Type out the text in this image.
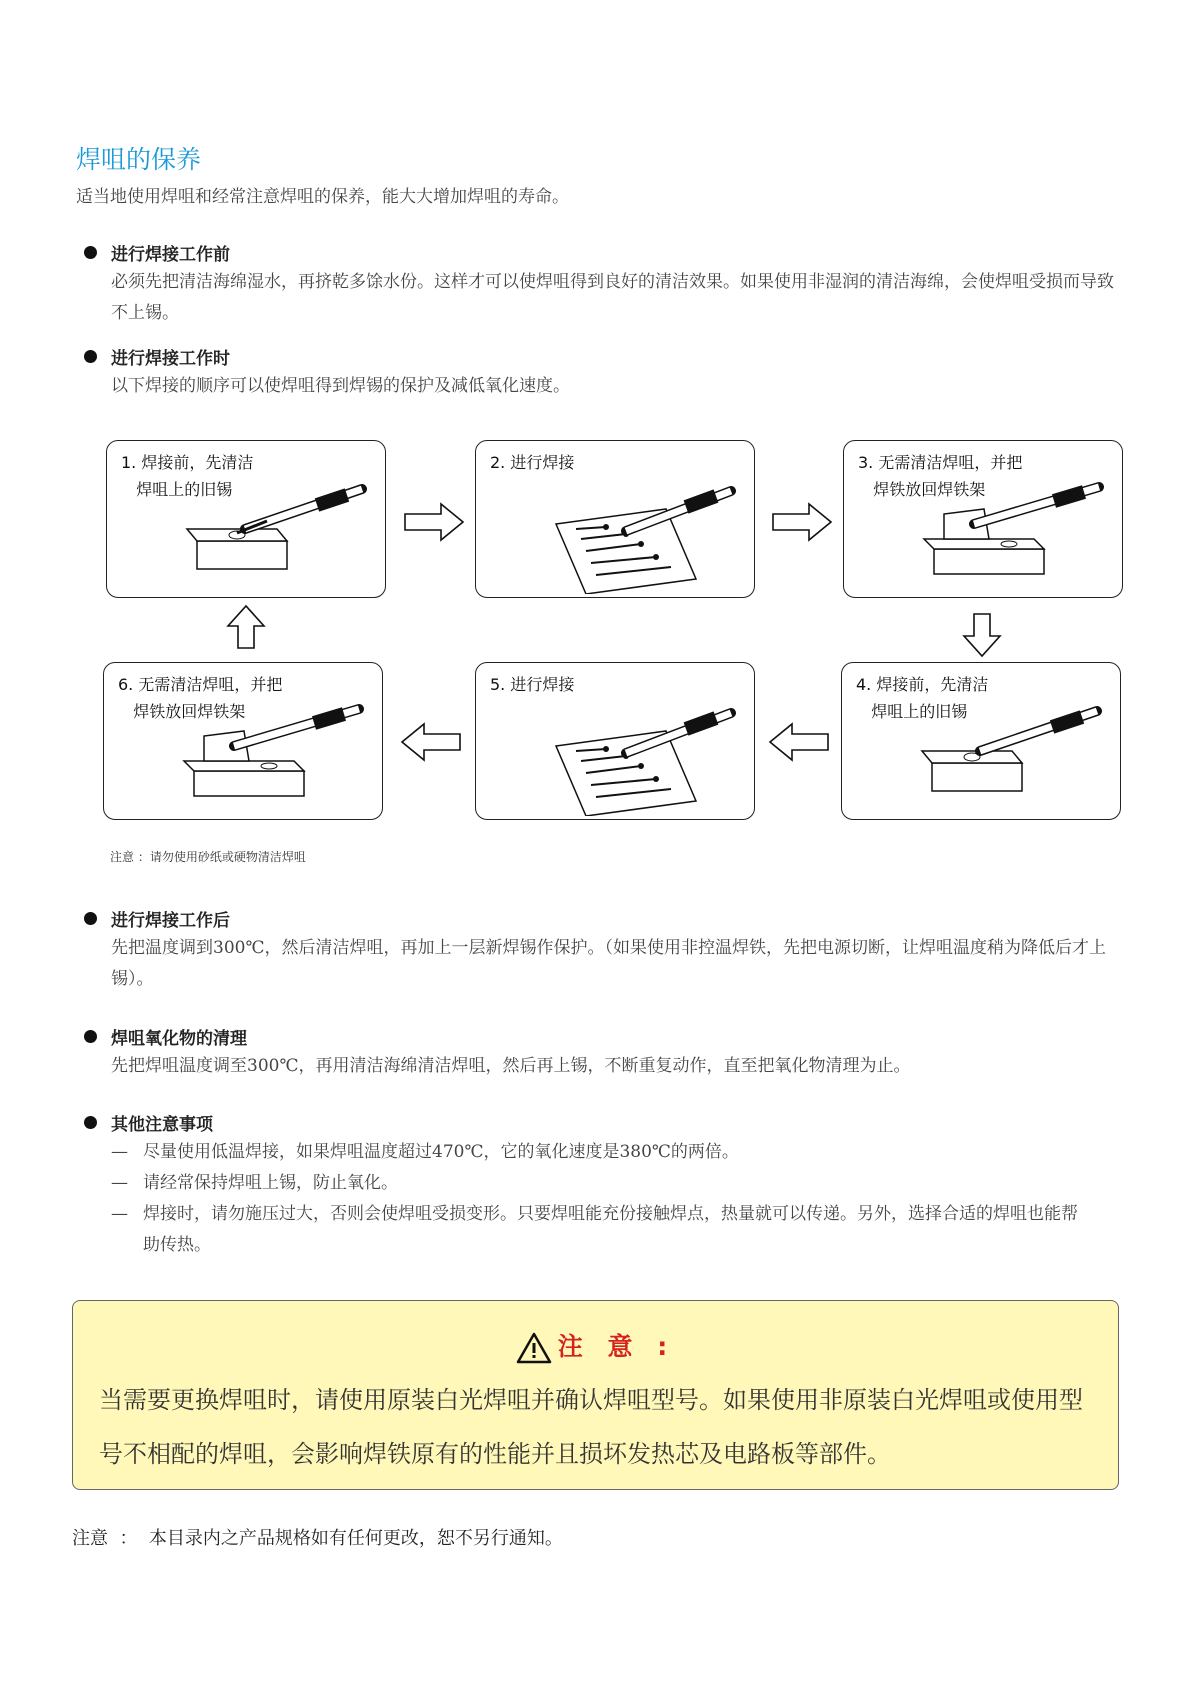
焊咀的保养
适当地使用焊咀和经常注意焊咀的保养，能大大增加焊咀的寿命。
进行焊接工作前
必须先把清洁海绵湿水，再挤乾多馀水份。这样才可以使焊咀得到良好的清洁效果。如果使用非湿润的清洁海绵，会使焊咀受损而导致不上锡。
进行焊接工作时
以下焊接的顺序可以使焊咀得到焊锡的保护及减低氧化速度。
1. 焊接前，先清洁
焊咀上的旧锡
2. 进行焊接	3. 无需清洁焊咀，并把
焊铁放回焊铁架
4. 焊接前，先清洁
焊咀上的旧锡
5. 进行焊接
6. 无需清洁焊咀，并把
焊铁放回焊铁架
注意 ：请勿使用砂纸或硬物清洁焊咀
进行焊接工作后
先把温度调到300℃，然后清洁焊咀，再加上一层新焊锡作保护。（如果使用非控温焊铁，先把电源切断，让焊咀温度稍为降低后才上锡）。
焊咀氧化物的清理
先把焊咀温度调至300℃，再用清洁海绵清洁焊咀，然后再上锡，不断重复动作，直至把氧化物清理为止。
其他注意事项
— 尽量使用低温焊接，如果焊咀温度超过470℃，它的氧化速度是380℃的两倍。
— 请经常保持焊咀上锡，防止氧化。
— 焊接时，请勿施压过大，否则会使焊咀受损变形。只要焊咀能充份接触焊点，热量就可以传递。另外，选择合适的焊咀也能帮助传热。
注 意 :
当需要更换焊咀时，请使用原装白光焊咀并确认焊咀型号。如果使用非原装白光焊咀或使用型号不相配的焊咀，会影响焊铁原有的性能并且损坏发热芯及电路板等部件。
注意  ：  本目录内之产品规格如有任何更改，恕不另行通知。
